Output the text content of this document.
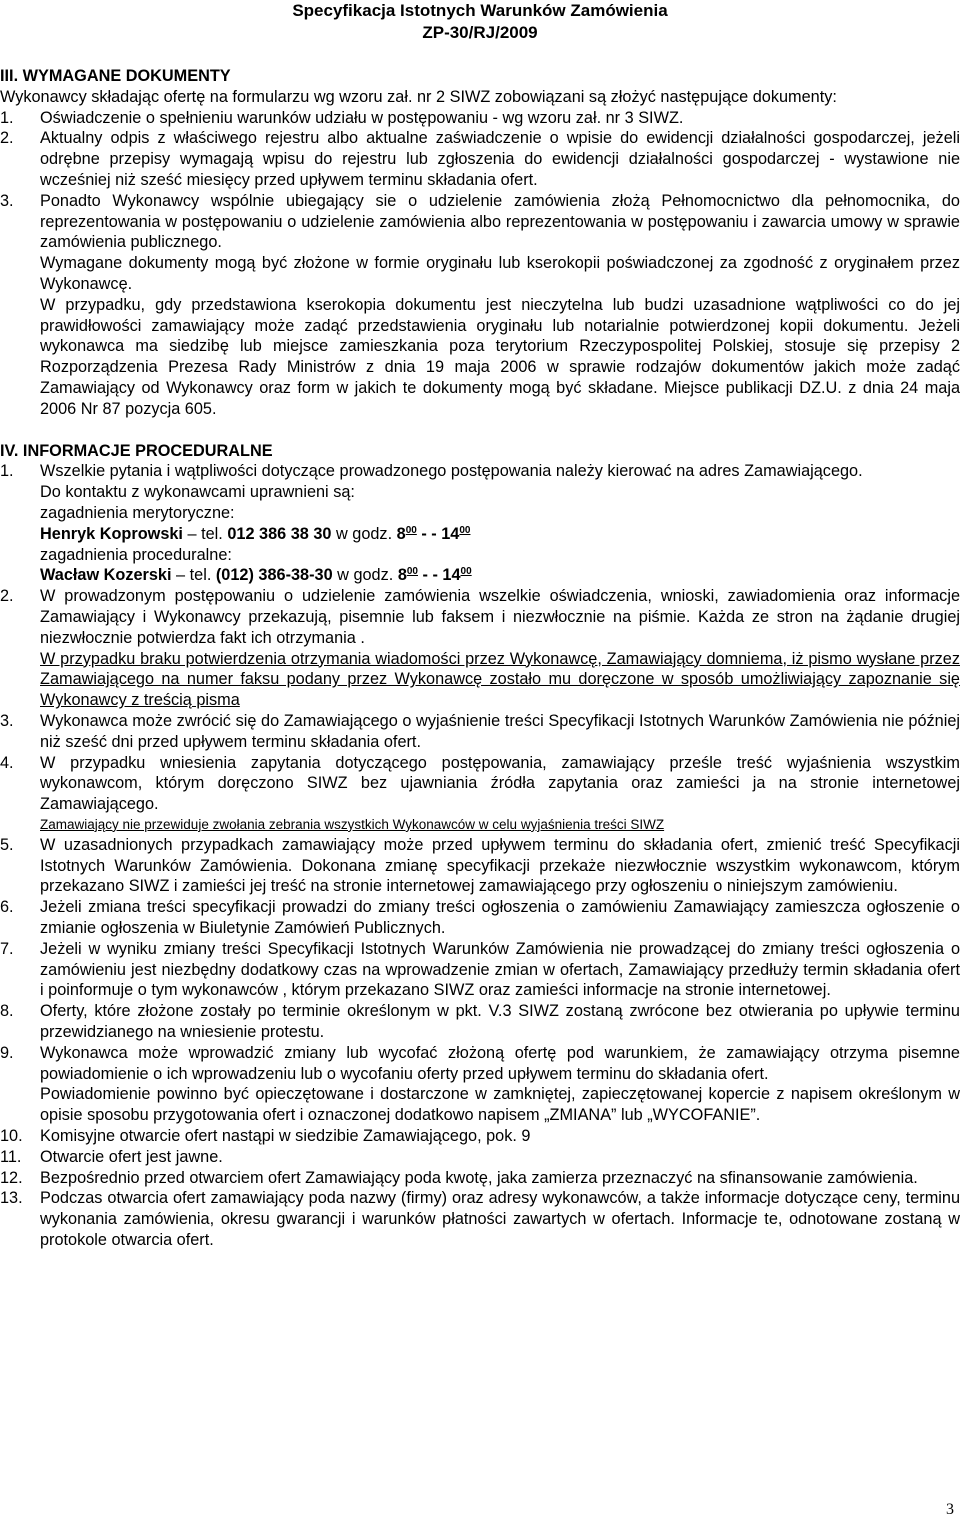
Specyfikacja Istotnych Warunków Zamówienia
ZP-30/RJ/2009
III. WYMAGANE DOKUMENTY
Wykonawcy składając ofertę na formularzu wg wzoru zał. nr 2 SIWZ zobowiązani są złożyć następujące dokumenty:
1.	Oświadczenie o spełnieniu warunków udziału w postępowaniu - wg wzoru zał. nr 3 SIWZ.
2.	Aktualny odpis z właściwego rejestru albo aktualne zaświadczenie o wpisie do ewidencji działalności gospodarczej, jeżeli odrębne przepisy wymagają wpisu do rejestru lub zgłoszenia do ewidencji działalności gospodarczej - wystawione nie wcześniej niż sześć miesięcy przed upływem terminu składania ofert.
3.	Ponadto Wykonawcy wspólnie ubiegający sie o udzielenie zamówienia złożą Pełnomocnictwo dla pełnomocnika, do reprezentowania w postępowaniu o udzielenie zamówienia albo reprezentowania w postępowaniu i zawarcia umowy w sprawie zamówienia publicznego.
Wymagane dokumenty mogą być złożone w formie oryginału lub kserokopii poświadczonej za zgodność z oryginałem przez Wykonawcę.
W przypadku, gdy przedstawiona kserokopia dokumentu jest nieczytelna lub budzi uzasadnione wątpliwości co do jej prawidłowości zamawiający może zadąć przedstawienia oryginału lub notarialnie potwierdzonej kopii dokumentu. Jeżeli wykonawca ma siedzibę lub miejsce zamieszkania poza terytorium Rzeczypospolitej Polskiej, stosuje się przepisy 2 Rozporządzenia Prezesa Rady Ministrów z dnia 19 maja 2006 w sprawie rodzajów dokumentów jakich może zadąć Zamawiający od Wykonawcy oraz form w jakich te dokumenty mogą być składane. Miejsce publikacji DZ.U. z dnia 24 maja 2006 Nr 87 pozycja 605.
IV. INFORMACJE PROCEDURALNE
1.	Wszelkie pytania i wątpliwości dotyczące prowadzonego postępowania należy kierować na adres Zamawiającego.
Do kontaktu z wykonawcami uprawnieni są:
zagadnienia merytoryczne:
Henryk Koprowski – tel. 012 386 38 30 w godz. $8^{00}$ - - $14^{00}$
zagadnienia proceduralne:
Wacław Kozerski – tel. (012) 386-38-30 w godz. $8^{00}$ - - $14^{00}$
2.	W prowadzonym postępowaniu o udzielenie zamówienia wszelkie oświadczenia, wnioski, zawiadomienia oraz informacje Zamawiający i Wykonawcy przekazują, pisemnie lub faksem i niezwłocznie na piśmie. Każda ze stron na żądanie drugiej niezwłocznie potwierdza fakt ich otrzymania .
W przypadku braku potwierdzenia otrzymania wiadomości przez Wykonawcę, Zamawiający domniema, iż pismo wysłane przez Zamawiającego na numer faksu podany przez Wykonawcę zostało mu doręczone w sposób umożliwiający zapoznanie się Wykonawcy z treścią pisma
3.	Wykonawca może zwrócić się do Zamawiającego o wyjaśnienie treści Specyfikacji Istotnych Warunków Zamówienia nie później niż sześć dni przed upływem terminu składania ofert.
4.	W przypadku wniesienia zapytania dotyczącego postępowania, zamawiający prześle treść wyjaśnienia wszystkim wykonawcom, którym doręczono SIWZ bez ujawniania źródła zapytania oraz zamieści ja na stronie internetowej Zamawiającego.
Zamawiający nie przewiduje zwołania zebrania wszystkich Wykonawców w celu wyjaśnienia treści SIWZ
5.	W uzasadnionych przypadkach zamawiający może przed upływem terminu do składania ofert, zmienić treść Specyfikacji Istotnych Warunków Zamówienia. Dokonana zmianę specyfikacji przekaże niezwłocznie wszystkim wykonawcom, którym przekazano SIWZ i zamieści jej treść na stronie internetowej zamawiającego przy ogłoszeniu o niniejszym zamówieniu.
6.	Jeżeli zmiana treści specyfikacji prowadzi do zmiany treści ogłoszenia o zamówieniu Zamawiający zamieszcza ogłoszenie o zmianie ogłoszenia w Biuletynie Zamówień Publicznych.
7.	Jeżeli w wyniku zmiany treści Specyfikacji Istotnych Warunków Zamówienia nie prowadzącej do zmiany treści ogłoszenia o zamówieniu jest niezbędny dodatkowy czas na wprowadzenie zmian w ofertach, Zamawiający przedłuży termin składania ofert i poinformuje o tym wykonawców , którym przekazano SIWZ oraz zamieści informacje na stronie internetowej.
8.	Oferty, które złożone zostały po terminie określonym w pkt. V.3 SIWZ zostaną zwrócone bez otwierania po upływie terminu przewidzianego na wniesienie protestu.
9.	Wykonawca może wprowadzić zmiany lub wycofać złożoną ofertę pod warunkiem, że zamawiający otrzyma pisemne powiadomienie o ich wprowadzeniu lub o wycofaniu oferty przed upływem terminu do składania ofert.
Powiadomienie powinno być opieczętowane i dostarczone w zamkniętej, zapieczętowanej kopercie z napisem określonym w opisie sposobu przygotowania ofert i oznaczonej dodatkowo napisem „ZMIANA” lub „WYCOFANIE”.
10.	Komisyjne otwarcie ofert nastąpi w siedzibie Zamawiającego, pok. 9
11.	Otwarcie ofert jest jawne.
12.	Bezpośrednio przed otwarciem ofert Zamawiający poda kwotę, jaka zamierza przeznaczyć na sfinansowanie zamówienia.
13.	Podczas otwarcia ofert zamawiający poda nazwy (firmy) oraz adresy wykonawców, a także informacje dotyczące ceny, terminu wykonania zamówienia, okresu gwarancji i warunków płatności zawartych w ofertach. Informacje te, odnotowane zostaną w protokole otwarcia ofert.
3
